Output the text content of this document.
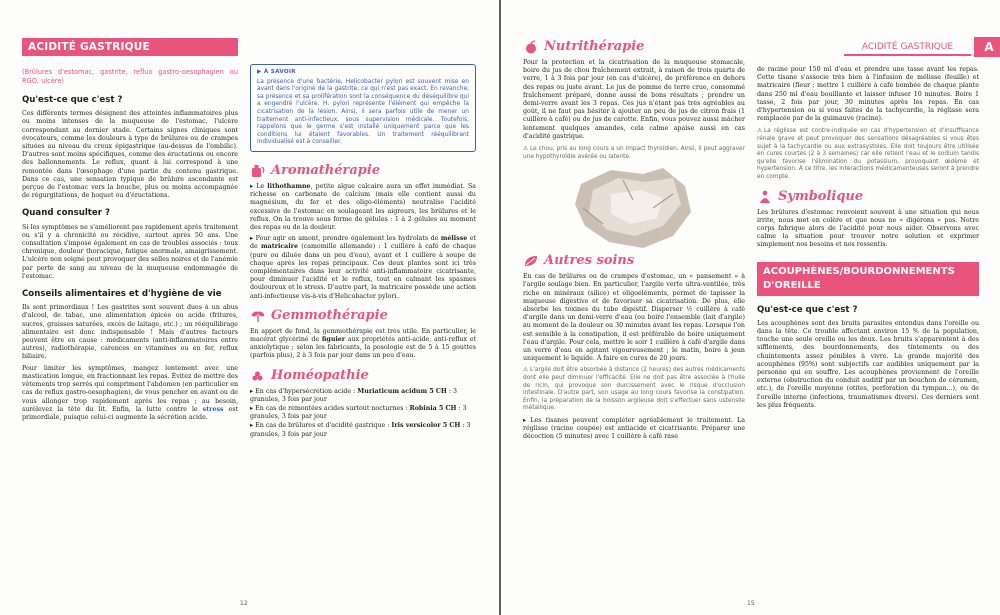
ACIDITÉ GASTRIQUE
(Brûlures d'estomac, gastrite, reflux gastro-oesophagien ou RGO, ulcère)
Qu'est-ce que c'est ?

Ces différents termes désignent des atteintes inflammatoires plus ou moins intenses de la muqueuse de l'estomac, l'ulcère correspondant au dernier stade. Certains signes cliniques sont évocateurs, comme les douleurs à type de brûlures ou de crampes situées au niveau du creux épigastrique (au-dessus de l'ombilic). D'autres sont moins spécifiques, comme des éructations ou encore des ballonnements. Le reflux, quant à lui correspond à une remontée dans l'œsophage d'une partie du contenu gastrique. Dans ce cas, une sensation typique de brûlure ascendante est perçue de l'estomac vers la bouche, plus ou moins accompagnée de régurgitations, de hoquet ou d'éructations.

Quand consulter ?

Si les symptômes ne s'améliorent pas rapidement après traitement ou s'il y a chronicité ou récidive, surtout après 50 ans. Une consultation s'impose également en cas de troubles associés : toux chronique, douleur thoracique, fatigue anormale, amaigrissement. L'ulcère non soigné peut provoquer des selles noires et de l'anémie par perte de sang au niveau de la muqueuse endommagée de l'estomac.

Conseils alimentaires et d'hygiène de vie

Ils sont primordiaux ! Les gastrites sont souvent dues à un abus d'alcool, de tabac, une alimentation épicée ou acide (fritures, sucres, graisses saturées, excès de laitage, etc.) ; un rééquilibrage alimentaire est donc indispensable ! Mais d'autres facteurs peuvent être en cause : médicaments (anti-inflammatoires entre autres), radiothérapie, carences en vitamines ou en fer, reflux biliaire.

Pour limiter les symptômes, mangez lentement avec une mastication longue, en fractionnant les repas. Évitez de mettre des vêtements trop serrés qui compriment l'abdomen (en particulier en cas de reflux gastro-oesophagien), de vous pencher en avant ou de vous allonger trop rapidement après les repas ; au besoin, surélevez la tête du lit. Enfin, la lutte contre le stress est primordiale, puisque celui-ci augmente la sécrétion acide.

▶ À SAVOIR
La présence d'une bactérie, Helicobacter pylori est souvent mise en avant dans l'origine de la gastrite, ce qui n'est pas exact. En revanche, sa présence et sa prolifération sont la conséquence du déséquilibre qui a engendré l'ulcère. H. pylori représente l'élément qui empêche la cicatrisation de la lésion. Ainsi, il sera parfois utile de mener un traitement anti-infectieux, sous supervision médicale. Toutefois, rappelons que le germe s'est installé uniquement parce que les conditions lui étaient favorables. Un traitement rééquilibrant individualisé est à conseiller.
Aromathérapie

▸ Le lithothamne, petite algue calcaire aura un effet immédiat. Sa richesse en carbonate de calcium (mais elle contient aussi du magnésium, du fer et des oligo-éléments) neutralise l'acidité excessive de l'estomac en soulageant les aigreurs, les brûlures et le reflux. On la trouve sous forme de gélules : 1 à 2 gélules au moment des repas ou de la douleur.

▸ Pour agir en amont, prendre également les hydrolats de mélisse et de matricaire (camomille allemande) : 1 cuillère à café de chaque (pure ou diluée dans un peu d'eau), avant et 1 cuillère à soupe de chaque après les repas principaux. Ces deux plantes sont ici très complémentaires dans leur activité anti-inflammatoire cicatrisante, pour diminuer l'acidité et le reflux, tout en calmant les spasmes douloureux et le stress. D'autre part, la matricaire possède une action anti-infectieuse vis-à-vis d'Helicobacter pylori.

Gemmothérapie

En apport de fond, la gemmothérapie est très utile. En particulier, le macérat glycériné de figuier aux propriétés anti-acide, anti-reflux et anxiolytique ; selon les fabricants, la posologie est de 5 à 15 gouttes (parfois plus), 2 à 3 fois par jour dans un peu d'eau.

Homéopathie

▸ En cas d'hypersécrétion acide : Muriaticum acidum 5 CH : 3 granules, 3 fois par jour

▸ En cas de remontées acides surtout nocturnes : Robinia 5 CH : 3 granules, 3 fois par jour

▸ En cas de brûlures et d'acidité gastrique : Iris versicolor 5 CH : 3 granules, 3 fois par jour

12
ACIDITÉ GASTRIQUE	A
Nutrithérapie

Pour la protection et la cicatrisation de la muqueuse stomacale, boire du jus de chou fraîchement extrait, à raison de trois quarts de verre, 1 à 3 fois par jour (en cas d'ulcère), de préférence en dehors des repas ou juste avant. Le jus de pomme de terre crue, consommé fraîchement préparé, donne aussi de bons résultats ; prendre un demi-verre avant les 3 repas. Ces jus n'étant pas très agréables au goût, il ne faut pas hésiter à ajouter un peu de jus de citron frais (1 cuillère à café) ou de jus de carotte. Enfin, vous pouvez aussi mâcher lentement quelques amandes, cela calme apaise aussi en cas d'acidité gastrique.

⚠ Le chou, pris au long cours a un impact thyroïdien. Ainsi, il peut aggraver une hypothyroïdie avérée ou latente.

Autres soins

En cas de brûlures ou de crampes d'estomac, un « pansement » à l'argile soulage bien. En particulier, l'argile verte ultra-ventilée, très riche en minéraux (silice) et oligoéléments, permet de tapisser la muqueuse digestive et de favoriser sa cicatrisation. De plus, elle absorbe les toxines du tube digestif. Disperser ½ cuillère à café d'argile dans un demi-verre d'eau (ou boire l'ensemble (lait d'argile) au moment de la douleur ou 30 minutes avant les repas. Lorsque l'on est sensible à la constipation, il est préférable de boire uniquement l'eau d'argile. Pour cela, mettre le soir 1 cuillère à café d'argile dans un verre d'eau en agitant vigoureusement ; le matin, boire à jeun uniquement le liquide. À faire en cures de 20 jours.

⚠ L'argile doit être absorbée à distance (2 heures) des autres médicaments dont elle peut diminuer l'efficacité. Elle ne doit pas être associée à l'huile de ricin, qui provoque son durcissement avec le risque d'occlusion intestinale. D'autre part, son usage au long cours favorise la constipation. Enfin, la préparation de la boisson argileuse doit s'effectuer sans ustensile métallique.

▸ Les tisanes peuvent compléter agréablement le traitement. La réglisse (racine coupée) est antiacide et cicatrisante. Préparer une décoction (5 minutes) avec 1 cuillère à café rase

de racine pour 150 ml d'eau et prendre une tasse avant les repas. Cette tisane s'associe très bien à l'infusion de mélisse (feuille) et matricaire (fleur ; mettre 1 cuillère à café bombée de chaque plante dans 250 ml d'eau bouillante et laisser infuser 10 minutes. Boire 1 tasse, 2 fois par jour, 30 minutes après les repas. En cas d'hypertension ou si vous faites de la tachycardie, la réglisse sera remplacée par de la guimauve (racine).

⚠ La réglisse est contre-indiquée en cas d'hypertension et d'insuffisance rénale grave et peut provoquer des sensations désagréables si vous êtes sujet à la tachycardie ou aux extrasystoles. Elle doit toujours être utilisée en cures courtes (2 à 3 semaines) car elle retient l'eau et le sodium tandis qu'elle favorise l'élimination du potassium, provoquant œdème et hypertension. À ce titre, les interactions médicamenteuses seront à prendre en compte.

Symbolique

Les brûlures d'estomac renvoient souvent à une situation qui nous irrite, nous met en colère et que nous ne « digérons » pas. Notre corps fabrique alors de l'acidité pour nous aider. Observons avec calme la situation pour trouver notre solution et exprimer simplement nos besoins et nos ressentis.

ACOUPHÈNES/BOURDONNEMENTS
D'OREILLE
Qu'est-ce que c'est ?

Les acouphènes sont des bruits parasites entendus dans l'oreille ou dans la tête. Ce trouble affectant environ 15 % de la population, touche une seule oreille ou les deux. Les bruits s'apparentent à des sifflements, des bourdonnements, des tintements ou des chuintements assez pénibles à vivre. La grande majorité des acouphènes (95%) sont subjectifs car audibles uniquement par la personne qui en souffre. Les acouphènes proviennent de l'oreille externe (obstruction du conduit auditif par un bouchon de cérumen, etc.), de l'oreille moyenne (otites, perforation du tympan...), ou de l'oreille interne (infections, traumatismes divers). Ces derniers sont les plus fréquents.

15
